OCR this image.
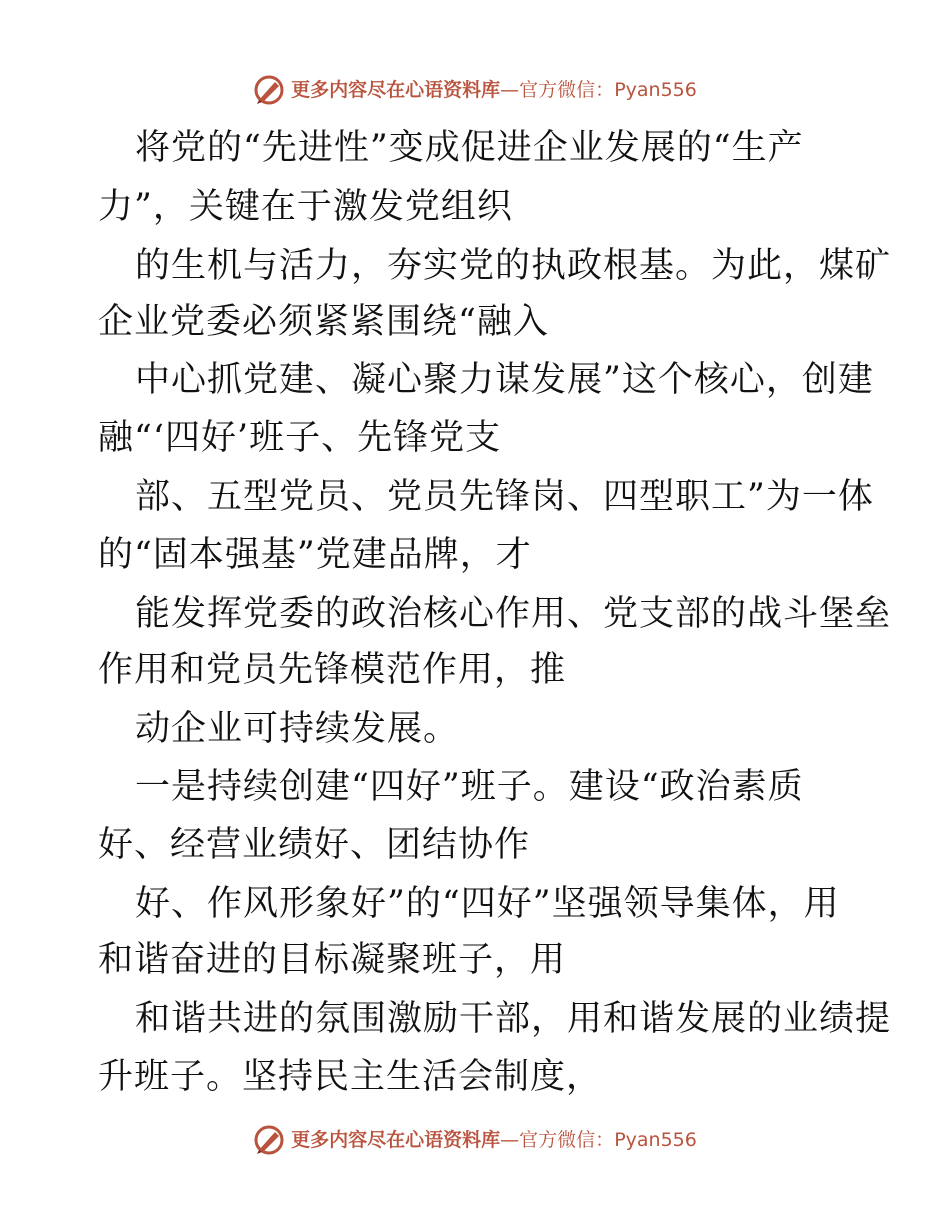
更多内容尽在心语资料库—官方微信：Pyan556
将党的“先进性”变成促进企业发展的“生产
力”，关键在于激发党组织
的生机与活力，夯实党的执政根基。为此，煤矿
企业党委必须紧紧围绕“融入
中心抓党建、凝心聚力谋发展”这个核心，创建
融“‘四好’班子、先锋党支
部、五型党员、党员先锋岗、四型职工”为一体
的“固本强基”党建品牌，才
能发挥党委的政治核心作用、党支部的战斗堡垒
作用和党员先锋模范作用，推
动企业可持续发展。
一是持续创建“四好”班子。建设“政治素质
好、经营业绩好、团结协作
好、作风形象好”的“四好”坚强领导集体，用
和谐奋进的目标凝聚班子，用
和谐共进的氛围激励干部，用和谐发展的业绩提
升班子。坚持民主生活会制度，
更多内容尽在心语资料库—官方微信：Pyan556
